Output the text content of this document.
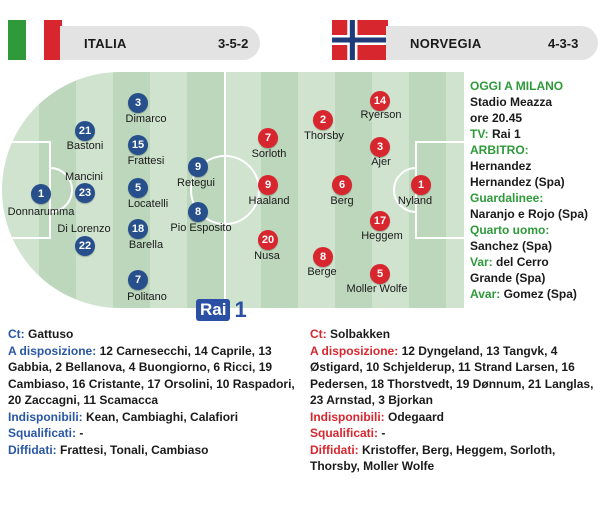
ITALIA	3-5-2	NORVEGIA	4-3-3
1
Donnarumma
21
Bastoni
23
Mancini
22
Di Lorenzo
3
Dimarco
15
Frattesi
5
Locatelli
18
Barella
7
Politano
9
Retegui
8
Pio Esposito
1
Nyland
14
Ryerson
3
Ajer
6
Berg
17
Heggem
5
Moller Wolfe
2
Thorsby
9
Haaland
8
Berge
7
Sorloth
20
Nusa
Rai 1
OGGI A MILANO
Stadio Meazza
ore 20.45
TV: Rai 1
ARBITRO:
Hernandez
Hernandez (Spa)
Guardalinee:
Naranjo e Rojo (Spa)
Quarto uomo:
Sanchez (Spa)
Var: del Cerro
Grande (Spa)
Avar: Gomez (Spa)
Ct: Gattuso
A disposizione: 12 Carnesecchi, 14 Caprile, 13 Gabbia, 2 Bellanova, 4 Buongiorno, 6 Ricci, 19 Cambiaso, 16 Cristante, 17 Orsolini, 10 Raspadori, 20 Zaccagni, 11 Scamacca
Indisponibili: Kean, Cambiaghi, Calafiori
Squalificati: -
Diffidati: Frattesi, Tonali, Cambiaso
Ct: Solbakken
A disposizione: 12 Dyngeland, 13 Tangvk, 4 Østigard, 10 Schjelderup, 11 Strand Larsen, 16 Pedersen, 18 Thorstvedt, 19 Dønnum, 21 Langlas, 23 Arnstad, 3 Bjorkan
Indisponibili: Odegaard
Squalificati: -
Diffidati: Kristoffer, Berg, Heggem, Sorloth, Thorsby, Moller Wolfe
